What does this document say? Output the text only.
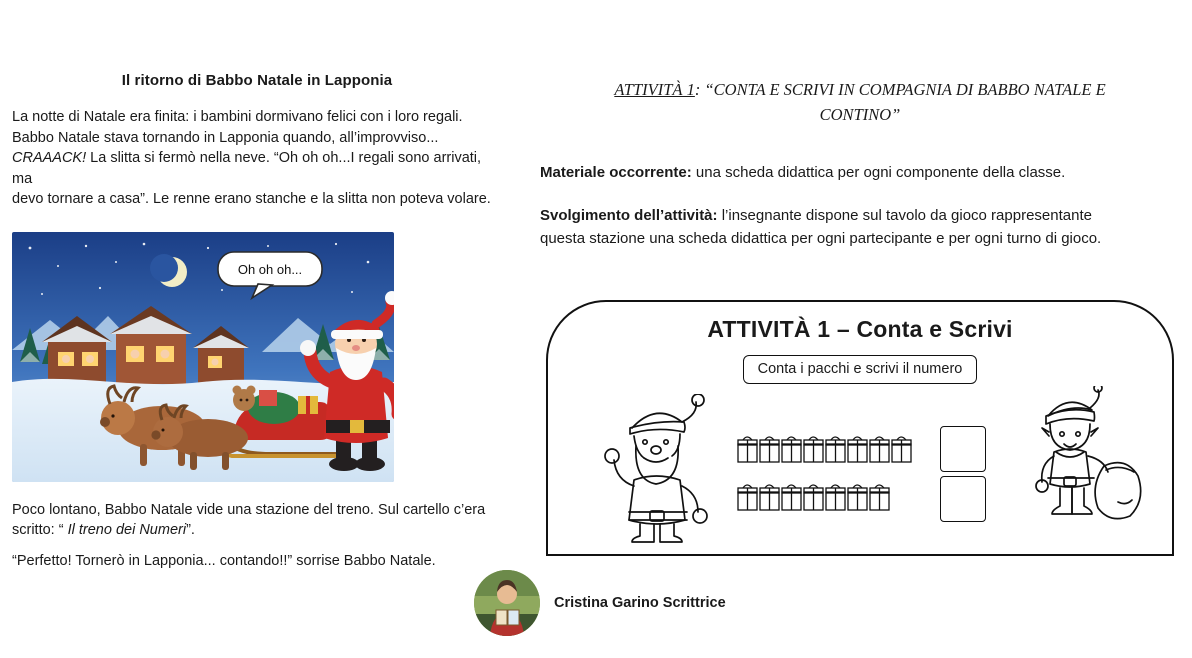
Il ritorno di Babbo Natale in Lapponia
La notte di Natale era finita: i bambini dormivano felici con i loro regali.
Babbo Natale stava tornando in Lapponia quando, all’improvviso...
CRAAACK! La slitta si fermò nella neve. “Oh oh oh...I regali sono arrivati, ma
devo tornare a casa”. Le renne erano stanche e la slitta non poteva volare.
Oh oh oh...
Poco lontano, Babbo Natale vide una stazione del treno. Sul cartello c’era
scritto: “ Il treno dei Numeri”.
“Perfetto! Tornerò in Lapponia... contando!!” sorrise Babbo Natale.
ATTIVITÀ 1: “CONTA E SCRIVI IN COMPAGNIA DI BABBO NATALE E
CONTINO”
Materiale occorrente: una scheda didattica per ogni componente della classe.
Svolgimento dell’attività: l’insegnante dispone sul tavolo da gioco rappresentante questa stazione una scheda didattica per ogni partecipante e per ogni turno di gioco.
ATTIVITÀ 1 – Conta e Scrivi
Conta i pacchi e scrivi il numero
Cristina Garino Scrittrice
